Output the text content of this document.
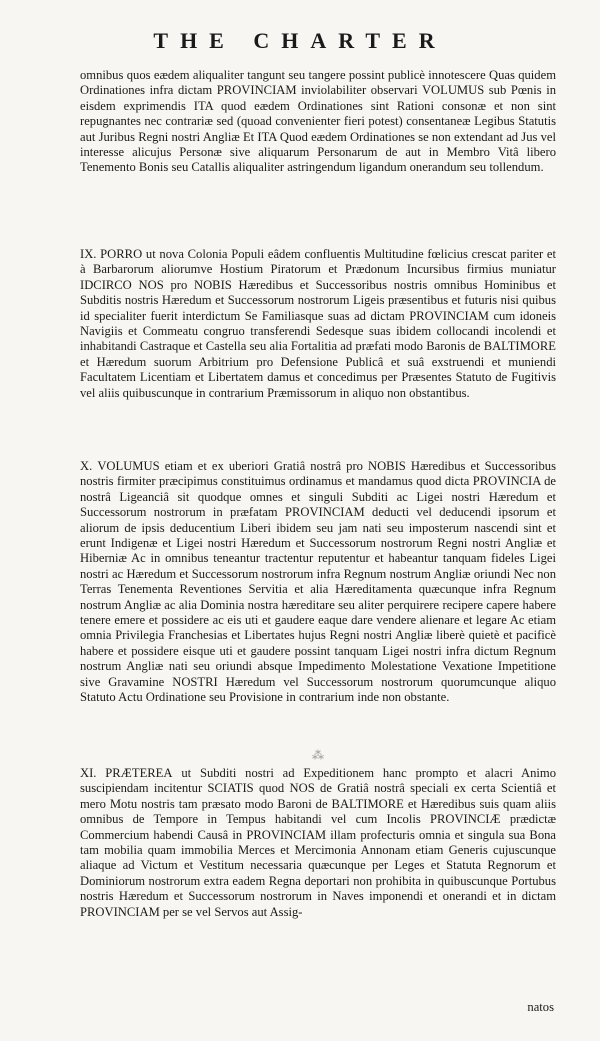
THE CHARTER

omnibus quos eædem aliqualiter tangunt seu tangere possint publicè innotescere Quas quidem Ordinationes infra dictam PROVINCIAM inviolabiliter observari VOLUMUS sub Pœnis in eisdem exprimendis ITA quod eædem Ordinationes sint Rationi consonæ et non sint repugnantes nec contrariæ sed (quoad convenienter fieri potest) consentaneæ Legibus Statutis aut Juribus Regni nostri Angliæ Et ITA Quod eædem Ordinationes se non extendant ad Jus vel interesse alicujus Personæ sive aliquarum Personarum de aut in Membro Vitâ libero Tenemento Bonis seu Catallis aliqualiter astringendum ligandum onerandum seu tollendum.

IX. PORRO ut nova Colonia Populi eâdem confluentis Multitudine fœlicius crescat pariter et à Barbarorum aliorumve Hostium Piratorum et Prædonum Incursibus firmius muniatur IDCIRCO NOS pro NOBIS Hæredibus et Successoribus nostris omnibus Hominibus et Subditis nostris Hæredum et Successorum nostrorum Ligeis præsentibus et futuris nisi quibus id specialiter fuerit interdictum Se Familiasque suas ad dictam PROVINCIAM cum idoneis Navigiis et Commeatu congruo transferendi Sedesque suas ibidem collocandi incolendi et inhabitandi Castraque et Castella seu alia Fortalitia ad præfati modo Baronis de BALTIMORE et Hæredum suorum Arbitrium pro Defensione Publicâ et suâ exstruendi et muniendi Facultatem Licentiam et Libertatem damus et concedimus per Præsentes Statuto de Fugitivis vel aliis quibuscunque in contrarium Præmissorum in aliquo non obstantibus.

X. VOLUMUS etiam et ex uberiori Gratiâ nostrâ pro NOBIS Hæredibus et Successoribus nostris firmiter præcipimus constituimus ordinamus et mandamus quod dicta PROVINCIA de nostrâ Ligeanciâ sit quodque omnes et singuli Subditi ac Ligei nostri Hæredum et Successorum nostrorum in præfatam PROVINCIAM deducti vel deducendi ipsorum et aliorum de ipsis deducentium Liberi ibidem seu jam nati seu imposterum nascendi sint et erunt Indigenæ et Ligei nostri Hæredum et Successorum nostrorum Regni nostri Angliæ et Hiberniæ Ac in omnibus teneantur tractentur reputentur et habeantur tanquam fideles Ligei nostri ac Hæredum et Successorum nostrorum infra Regnum nostrum Angliæ oriundi Nec non Terras Tenementa Reventiones Servitia et alia Hæreditamenta quæcunque infra Regnum nostrum Angliæ ac alia Dominia nostra hæreditare seu aliter perquirere recipere capere habere tenere emere et possidere ac eis uti et gaudere eaque dare vendere alienare et legare Ac etiam omnia Privilegia Franchesias et Libertates hujus Regni nostri Angliæ liberè quietè et pacificè habere et possidere eisque uti et gaudere possint tanquam Ligei nostri infra dictum Regnum nostrum Angliæ nati seu oriundi absque Impedimento Molestatione Vexatione Impetitione sive Gravamine NOSTRI Hæredum vel Successorum nostrorum quorumcunque aliquo Statuto Actu Ordinatione seu Provisione in contrarium inde non obstante.

⁂

XI. PRÆTEREA ut Subditi nostri ad Expeditionem hanc prompto et alacri Animo suscipiendam incitentur SCIATIS quod NOS de Gratiâ nostrâ speciali ex certa Scientiâ et mero Motu nostris tam præsato modo Baroni de BALTIMORE et Hæredibus suis quam aliis omnibus de Tempore in Tempus habitandi vel cum Incolis PROVINCIÆ prædictæ Commercium habendi Causâ in PROVINCIAM illam profecturis omnia et singula sua Bona tam mobilia quam immobilia Merces et Mercimonia Annonam etiam Generis cujuscunque aliaque ad Victum et Vestitum necessaria quæcunque per Leges et Statuta Regnorum et Dominiorum nostrorum extra eadem Regna deportari non prohibita in quibuscunque Portubus nostris Hæredum et Successorum nostrorum in Naves imponendi et onerandi et in dictam PROVINCIAM per se vel Servos aut Assig-

natos
